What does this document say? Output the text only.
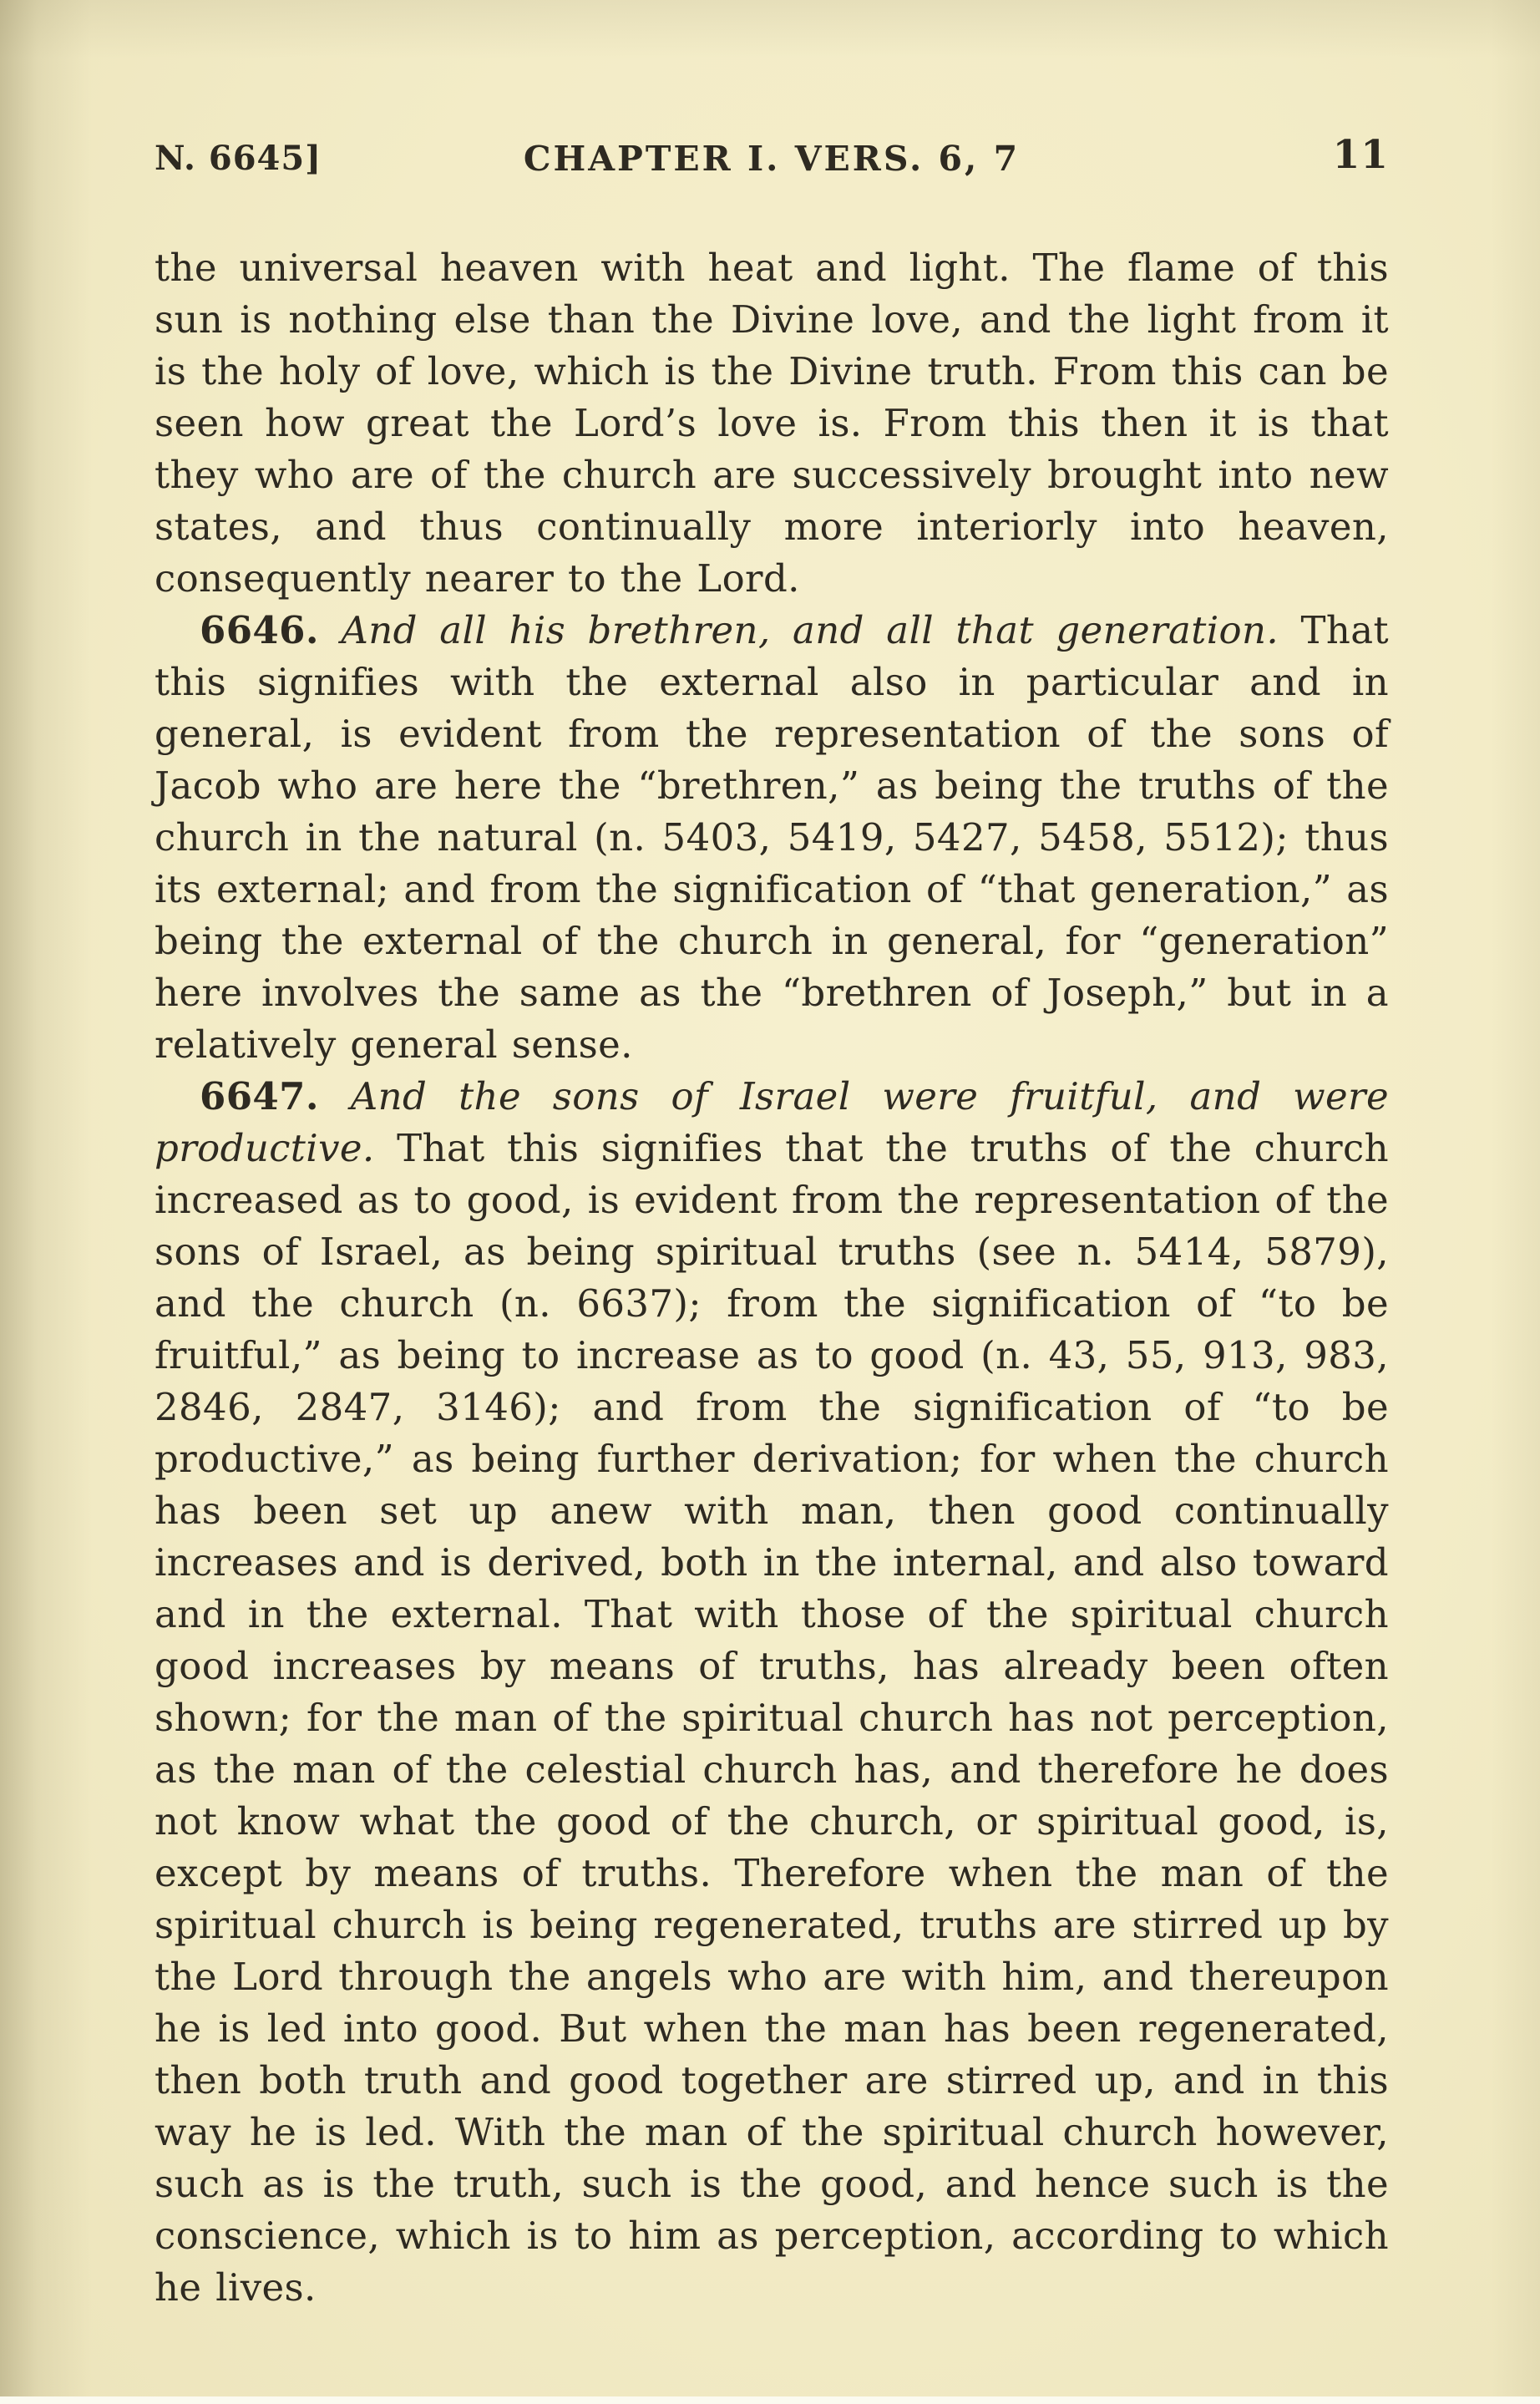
N. 6645]	CHAPTER I. VERS. 6, 7	11

the universal heaven with heat and light. The flame of this sun is nothing else than the Divine love, and the light from it is the holy of love, which is the Divine truth. From this can be seen how great the Lord’s love is. From this then it is that they who are of the church are successively brought into new states, and thus continually more interiorly into heaven, consequently nearer to the Lord.

6646. And all his brethren, and all that generation. That this signifies with the external also in particular and in general, is evident from the representation of the sons of Jacob who are here the “brethren,” as being the truths of the church in the natural (n. 5403, 5419, 5427, 5458, 5512); thus its external; and from the signification of “that generation,” as being the external of the church in general, for “generation” here involves the same as the “brethren of Joseph,” but in a relatively general sense.

6647. And the sons of Israel were fruitful, and were productive. That this signifies that the truths of the church increased as to good, is evident from the representation of the sons of Israel, as being spiritual truths (see n. 5414, 5879), and the church (n. 6637); from the signification of “to be fruitful,” as being to increase as to good (n. 43, 55, 913, 983, 2846, 2847, 3146); and from the signification of “to be productive,” as being further derivation; for when the church has been set up anew with man, then good continually increases and is derived, both in the internal, and also toward and in the external. That with those of the spiritual church good increases by means of truths, has already been often shown; for the man of the spiritual church has not perception, as the man of the celestial church has, and therefore he does not know what the good of the church, or spiritual good, is, except by means of truths. Therefore when the man of the spiritual church is being regenerated, truths are stirred up by the Lord through the angels who are with him, and thereupon he is led into good. But when the man has been regenerated, then both truth and good together are stirred up, and in this way he is led. With the man of the spiritual church however, such as is the truth, such is the good, and hence such is the conscience, which is to him as perception, according to which he lives.
